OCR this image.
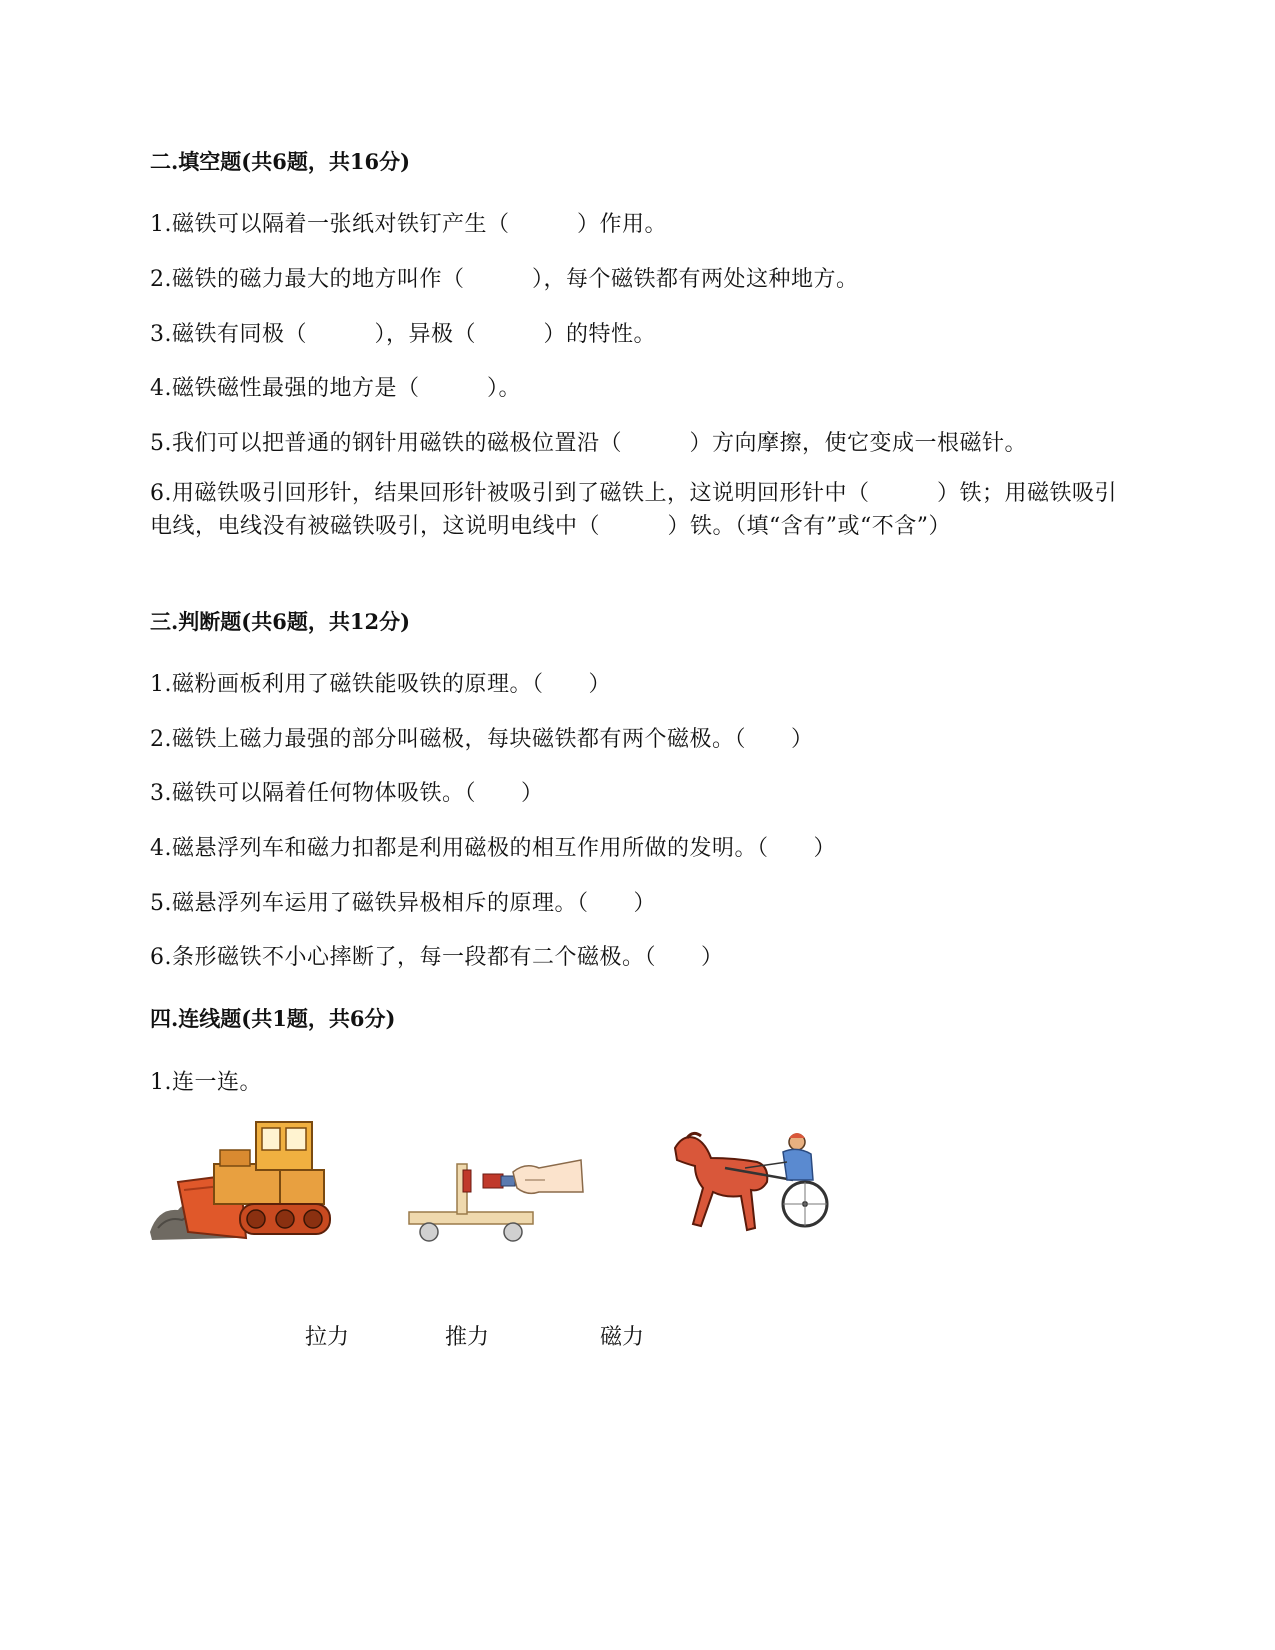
二.填空题(共6题，共16分)
1.磁铁可以隔着一张纸对铁钉产生（　　　）作用。
2.磁铁的磁力最大的地方叫作（　　　），每个磁铁都有两处这种地方。
3.磁铁有同极（　　　），异极（　　　）的特性。
4.磁铁磁性最强的地方是（　　　）。
5.我们可以把普通的钢针用磁铁的磁极位置沿（　　　）方向摩擦，使它变成一根磁针。
6.用磁铁吸引回形针，结果回形针被吸引到了磁铁上，这说明回形针中（　　　）铁；用磁铁吸引电线，电线没有被磁铁吸引，这说明电线中（　　　）铁。（填“含有”或“不含”）
三.判断题(共6题，共12分)
1.磁粉画板利用了磁铁能吸铁的原理。（　　）
2.磁铁上磁力最强的部分叫磁极，每块磁铁都有两个磁极。（　　）
3.磁铁可以隔着任何物体吸铁。（　　）
4.磁悬浮列车和磁力扣都是利用磁极的相互作用所做的发明。（　　）
5.磁悬浮列车运用了磁铁异极相斥的原理。（　　）
6.条形磁铁不小心摔断了，每一段都有二个磁极。（　　）
四.连线题(共1题，共6分)
1.连一连。
拉力	推力	磁力
